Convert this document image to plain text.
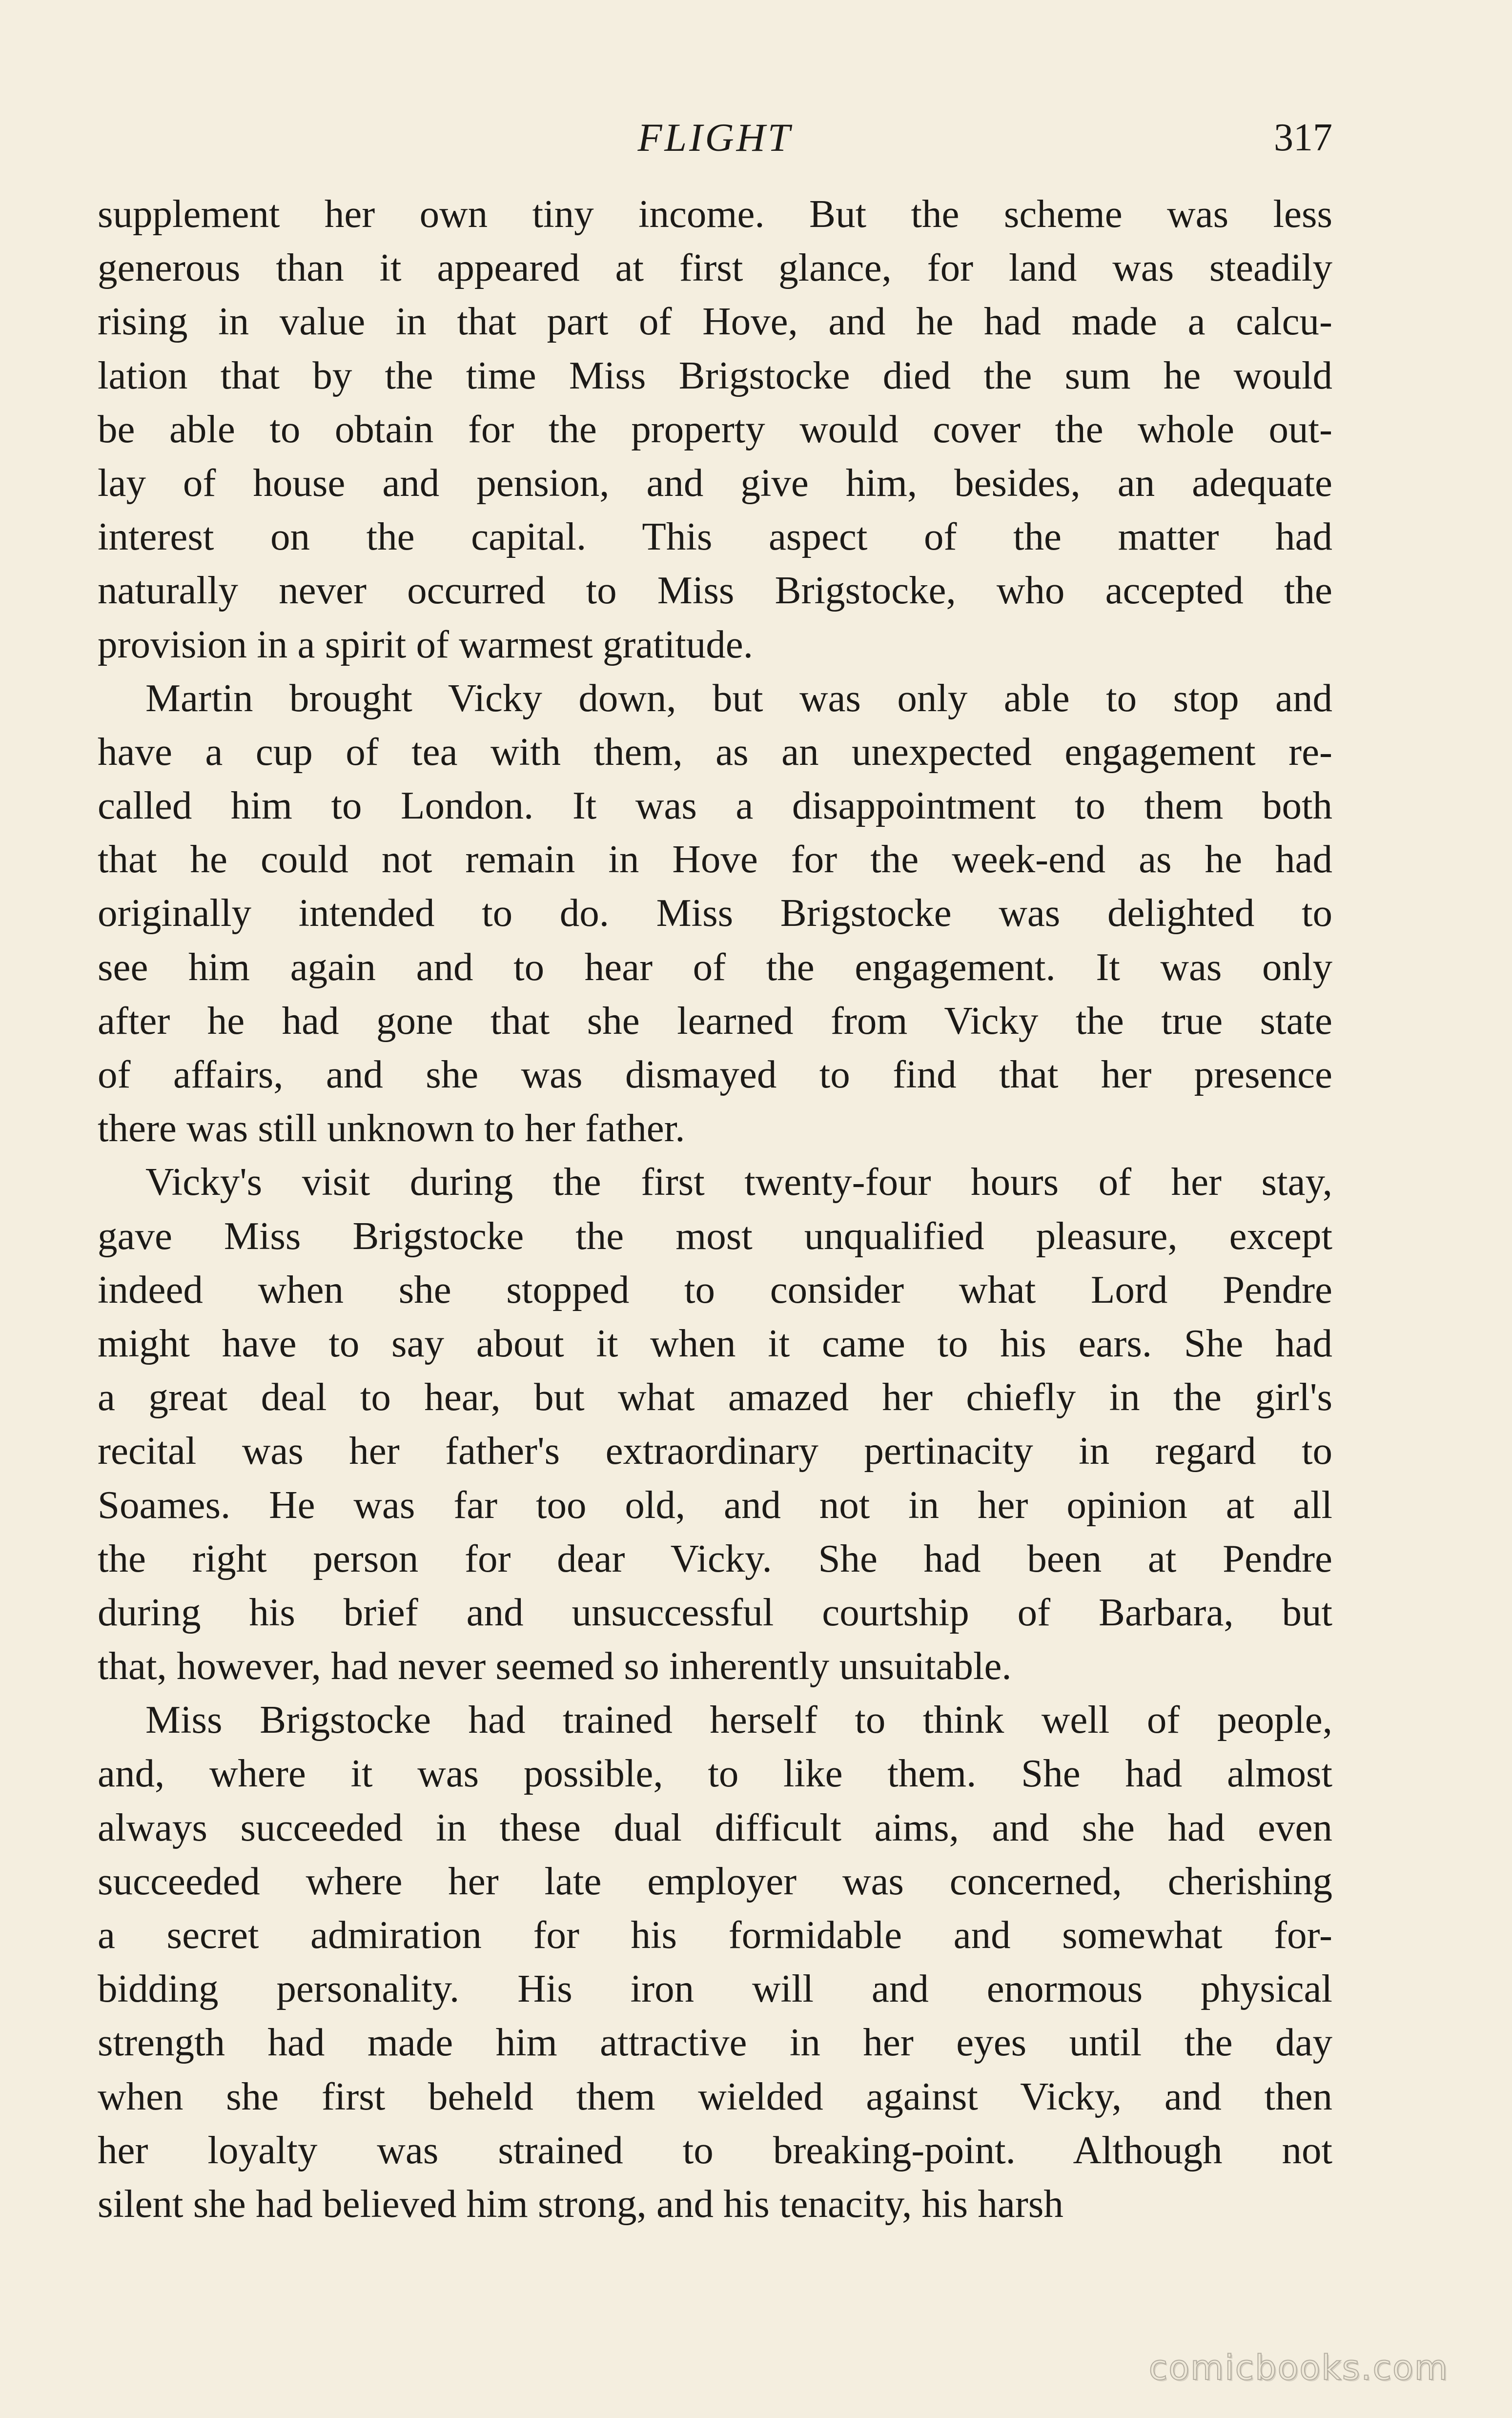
FLIGHT	317
supplement her own tiny income. But the scheme was less
generous than it appeared at first glance, for land was steadily
rising in value in that part of Hove, and he had made a calcu-
lation that by the time Miss Brigstocke died the sum he would
be able to obtain for the property would cover the whole out-
lay of house and pension, and give him, besides, an adequate
interest on the capital. This aspect of the matter had
naturally never occurred to Miss Brigstocke, who accepted the
provision in a spirit of warmest gratitude.
Martin brought Vicky down, but was only able to stop and
have a cup of tea with them, as an unexpected engagement re-
called him to London. It was a disappointment to them both
that he could not remain in Hove for the week-end as he had
originally intended to do. Miss Brigstocke was delighted to
see him again and to hear of the engagement. It was only
after he had gone that she learned from Vicky the true state
of affairs, and she was dismayed to find that her presence
there was still unknown to her father.
Vicky's visit during the first twenty-four hours of her stay,
gave Miss Brigstocke the most unqualified pleasure, except
indeed when she stopped to consider what Lord Pendre
might have to say about it when it came to his ears. She had
a great deal to hear, but what amazed her chiefly in the girl's
recital was her father's extraordinary pertinacity in regard to
Soames. He was far too old, and not in her opinion at all
the right person for dear Vicky. She had been at Pendre
during his brief and unsuccessful courtship of Barbara, but
that, however, had never seemed so inherently unsuitable.
Miss Brigstocke had trained herself to think well of people,
and, where it was possible, to like them. She had almost
always succeeded in these dual difficult aims, and she had even
succeeded where her late employer was concerned, cherishing
a secret admiration for his formidable and somewhat for-
bidding personality. His iron will and enormous physical
strength had made him attractive in her eyes until the day
when she first beheld them wielded against Vicky, and then
her loyalty was strained to breaking-point. Although not
silent she had believed him strong, and his tenacity, his harsh
comicbooks.com
